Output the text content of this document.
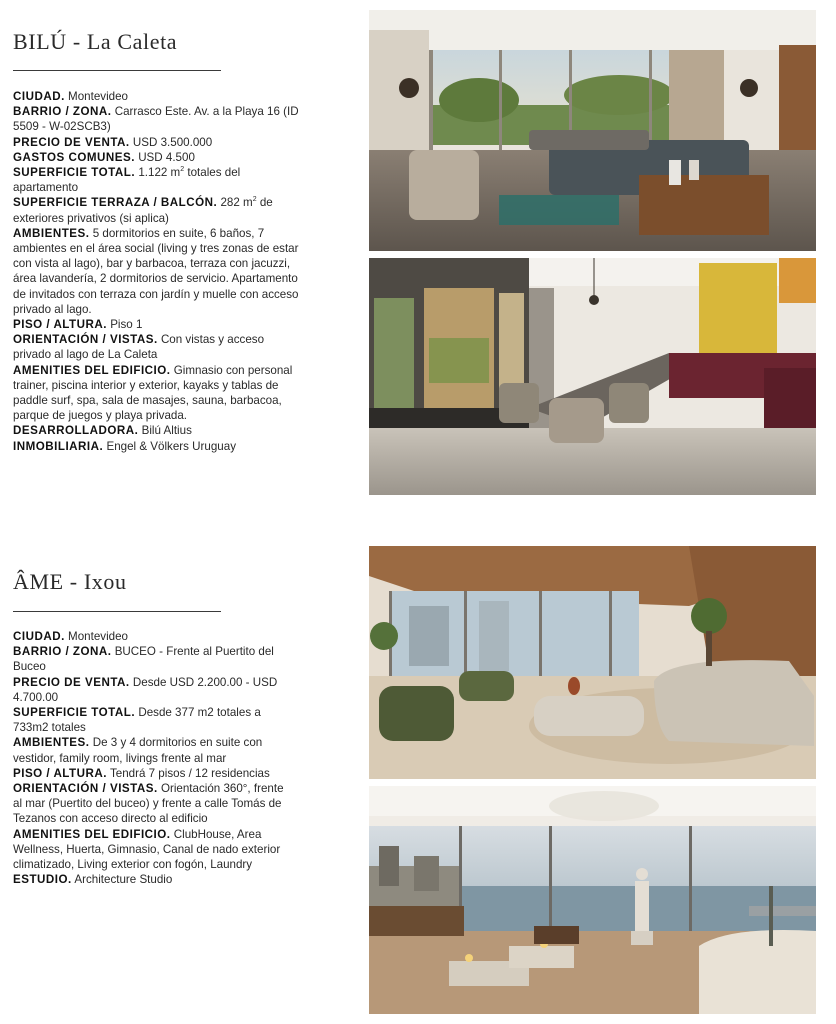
BILÚ - La Caleta

CIUDAD. Montevideo

BARRIO / ZONA. Carrasco Este. Av. a la Playa 16 (ID 5509 - W-02SCB3)

PRECIO DE VENTA. USD 3.500.000

GASTOS COMUNES. USD 4.500

SUPERFICIE TOTAL. 1.122 $m^2$ totales del apartamento

SUPERFICIE TERRAZA / BALCÓN. 282 $m^2$ de exteriores privativos (si aplica)

AMBIENTES. 5 dormitorios en suite, 6 baños, 7 ambientes en el área social (living y tres zonas de estar con vista al lago), bar y barbacoa, terraza con jacuzzi, área lavandería, 2 dormitorios de servicio. Apartamento de invitados con terraza con jardín y muelle con acceso privado al lago.

PISO / ALTURA. Piso 1

ORIENTACIÓN / VISTAS. Con vistas y acceso privado al lago de La Caleta

AMENITIES DEL EDIFICIO. Gimnasio con personal trainer, piscina interior y exterior, kayaks y tablas de paddle surf, spa, sala de masajes, sauna, barbacoa, parque de juegos y playa privada.

DESARROLLADORA. Bilú Altius

INMOBILIARIA. Engel & Völkers Uruguay

ÂME - Ixou

CIUDAD. Montevideo

BARRIO / ZONA. BUCEO - Frente al Puertito del Buceo

PRECIO DE VENTA. Desde USD 2.200.00 - USD 4.700.00

SUPERFICIE TOTAL. Desde 377 m2 totales a 733m2 totales

AMBIENTES. De 3 y 4 dormitorios en suite con vestidor, family room, livings frente al mar

PISO / ALTURA. Tendrá 7 pisos / 12 residencias

ORIENTACIÓN / VISTAS. Orientación 360°, frente al mar (Puertito del buceo) y frente a calle Tomás de Tezanos con acceso directo al edificio

AMENITIES DEL EDIFICIO. ClubHouse, Area Wellness, Huerta, Gimnasio, Canal de nado exterior climatizado, Living exterior con fogón, Laundry

ESTUDIO. Architecture Studio
